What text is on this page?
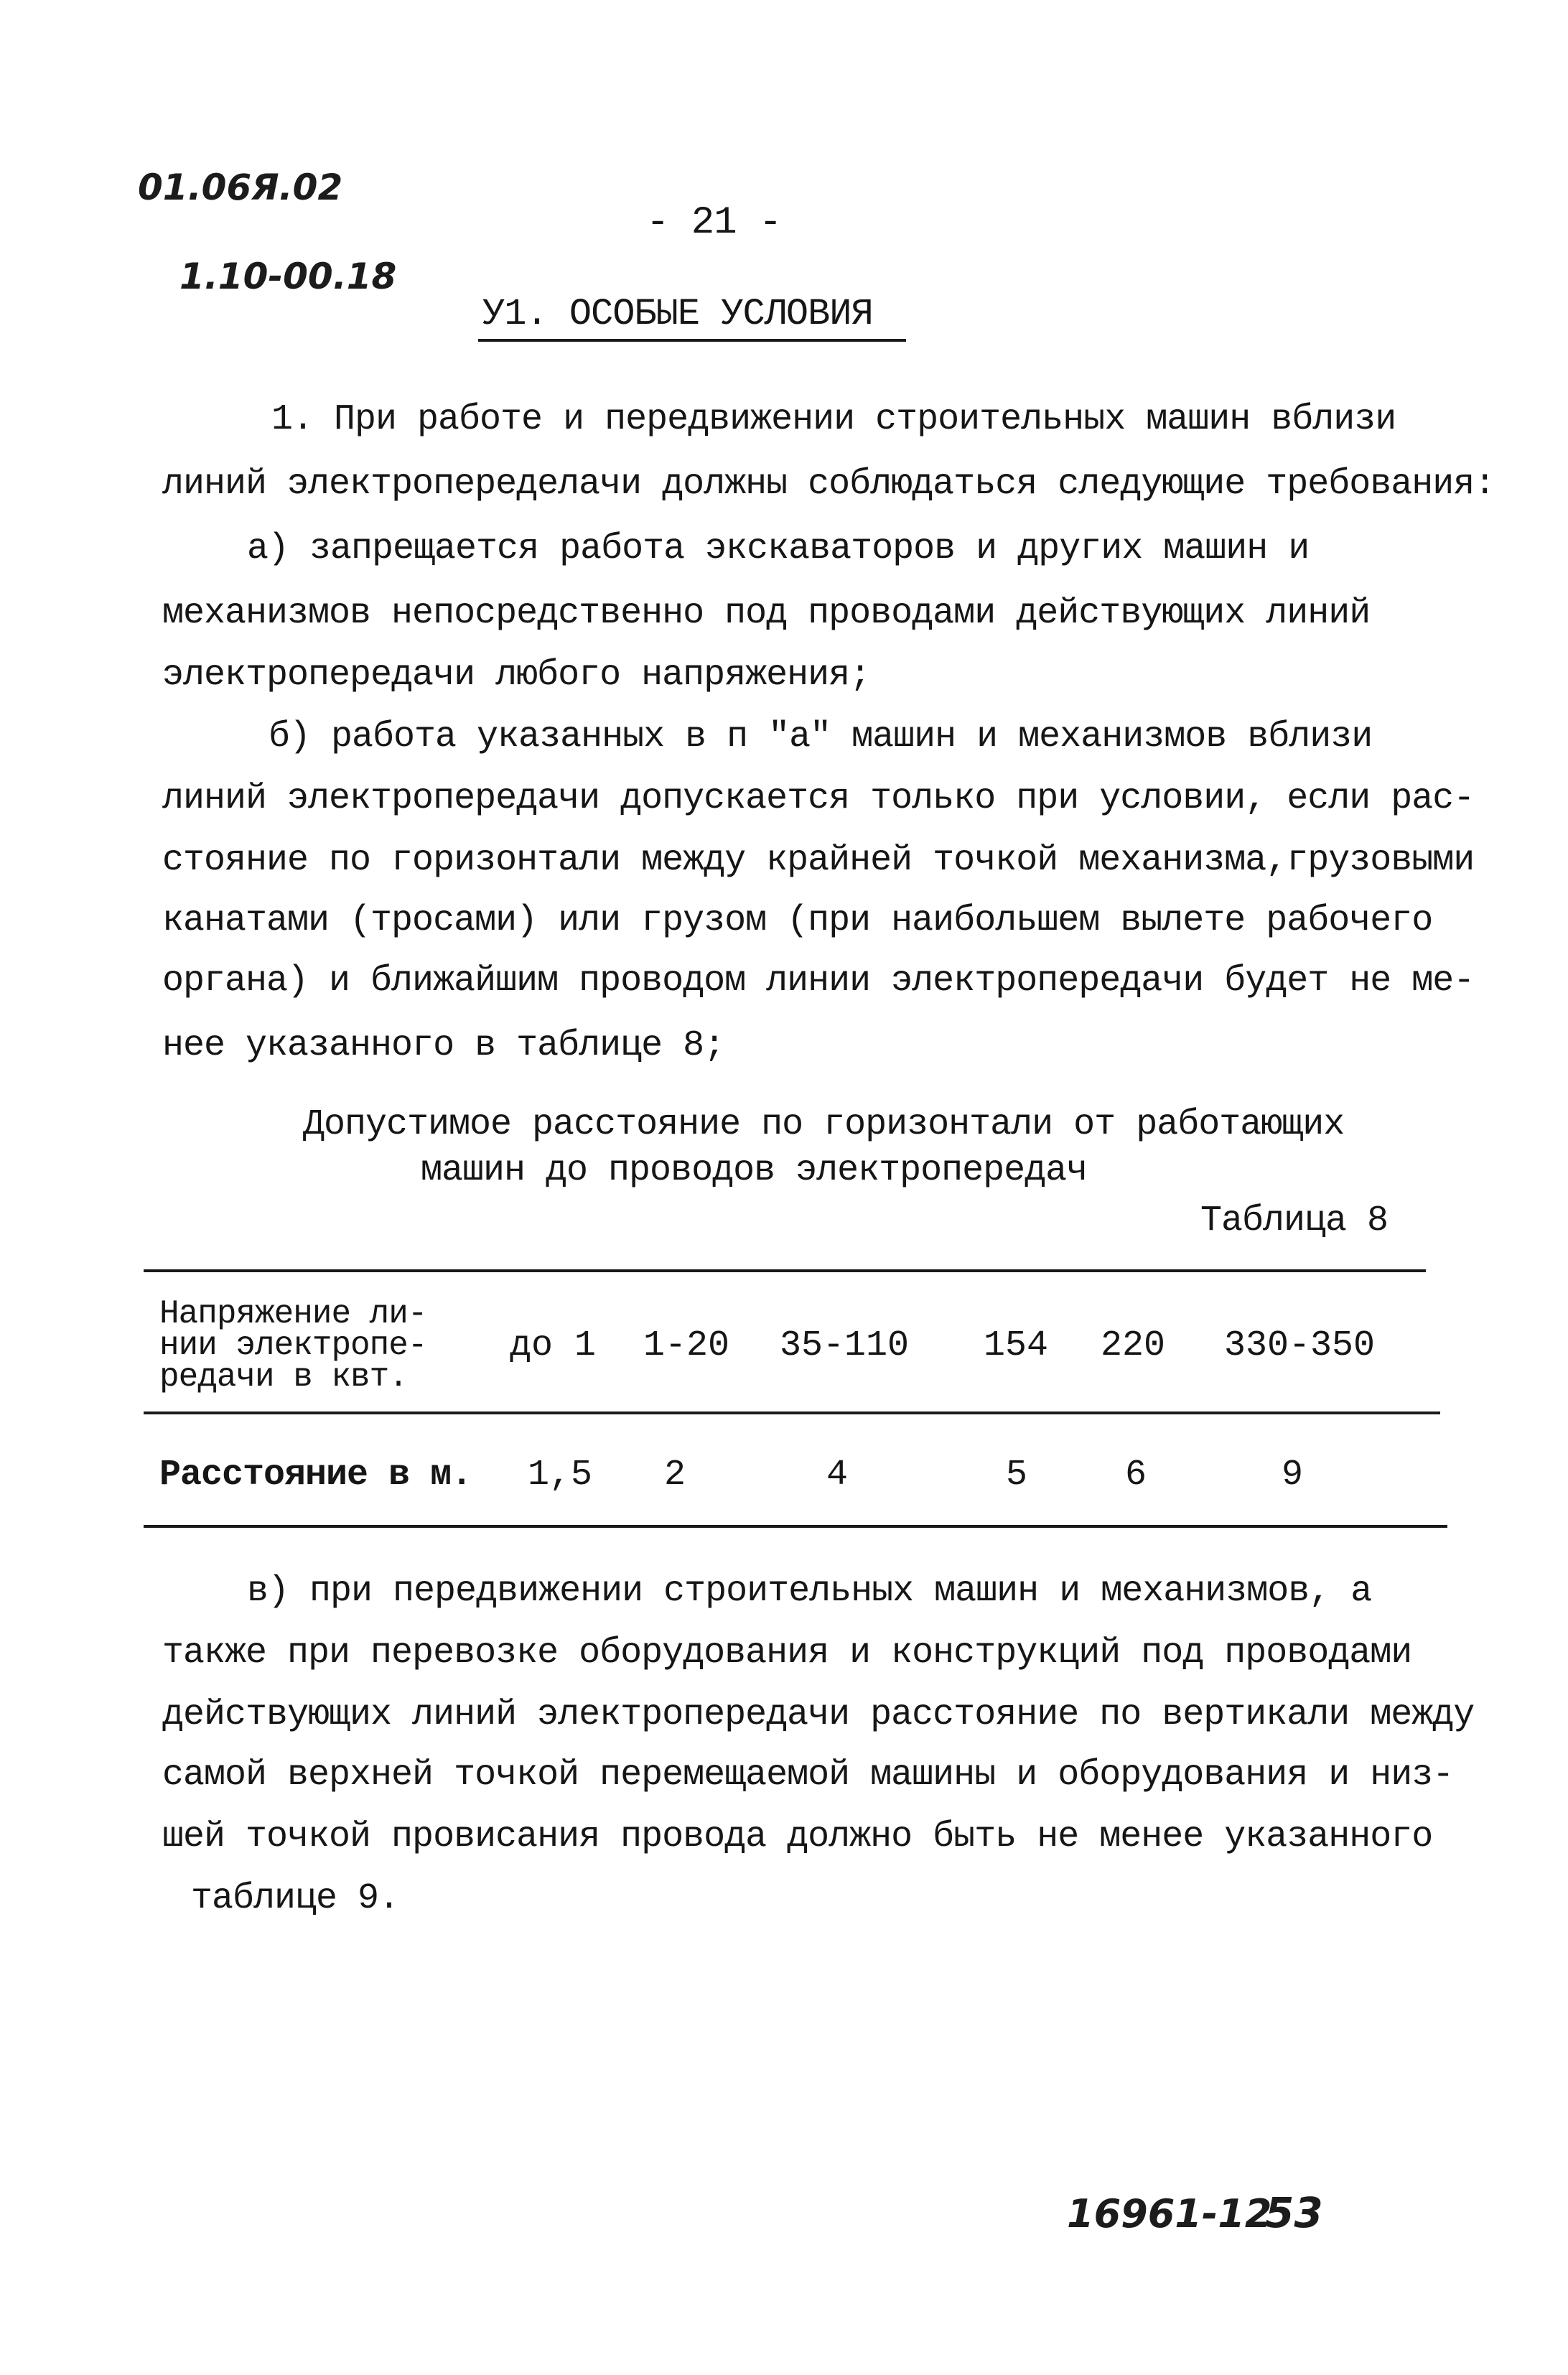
01.06Я.02
1.10-00.18
- 21 -
У1. ОСОБЫЕ УСЛОВИЯ
1. При работе и передвижении строительных машин вблизи
линий электропеределачи должны соблюдаться следующие требования:
а) запрещается работа экскаваторов и других машин и
механизмов непосредственно под проводами действующих линий
электропередачи любого напряжения;
б) работа указанных в п "а" машин и механизмов вблизи
линий электропередачи допускается только при условии, если рас-
стояние по горизонтали между крайней точкой механизма,грузовыми
канатами (тросами) или грузом (при наибольшем вылете рабочего
органа) и ближайшим проводом линии электропередачи будет не ме-
нее указанного в таблице 8;
Допустимое расстояние по горизонтали от работающих
машин до проводов электропередач
Таблица 8
Напряжение ли-
нии электропе-
редачи в квт.
до 1	1-20	35-110	154	220	330-350
Расстояние в м.	1,5	2	4	5	6	9
в) при передвижении строительных машин и механизмов, а
также при перевозке оборудования и конструкций под проводами
действующих линий электропередачи расстояние по вертикали между
самой верхней точкой перемещаемой машины и оборудования и низ-
шей точкой провисания провода должно быть не менее указанного
таблице 9.
16961-12
53
